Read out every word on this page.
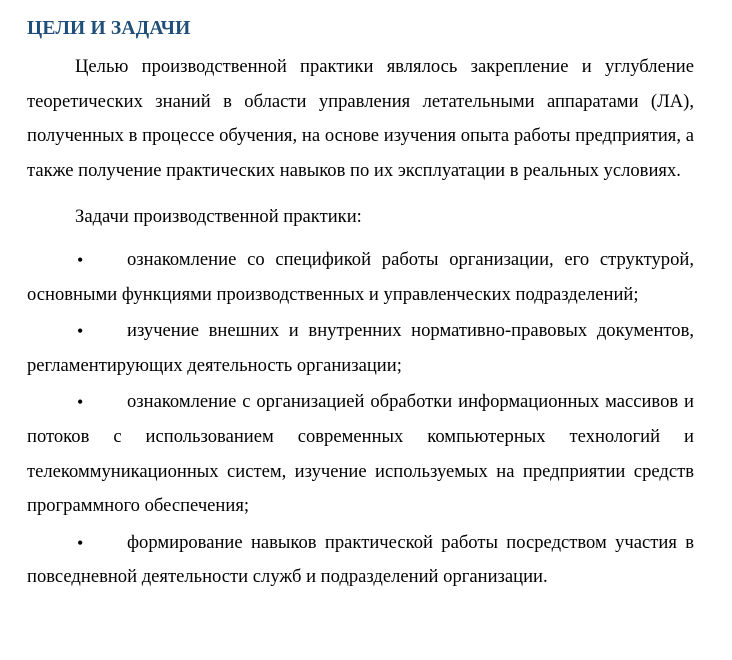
ЦЕЛИ И ЗАДАЧИ

Целью производственной практики являлось закрепление и углубление теоретических знаний в области управления летательными аппаратами (ЛА), полученных в процессе обучения, на основе изучения опыта работы предприятия, а также получение практических навыков по их эксплуатации в реальных условиях.

Задачи производственной практики:

• ознакомление со спецификой работы организации, его структурой, основными функциями производственных и управленческих подразделений;

• изучение внешних и внутренних нормативно-правовых документов, регламентирующих деятельность организации;

• ознакомление с организацией обработки информационных массивов и потоков с использованием современных компьютерных технологий и телекоммуникационных систем, изучение используемых на предприятии средств программного обеспечения;

• формирование навыков практической работы посредством участия в повседневной деятельности служб и подразделений организации.
